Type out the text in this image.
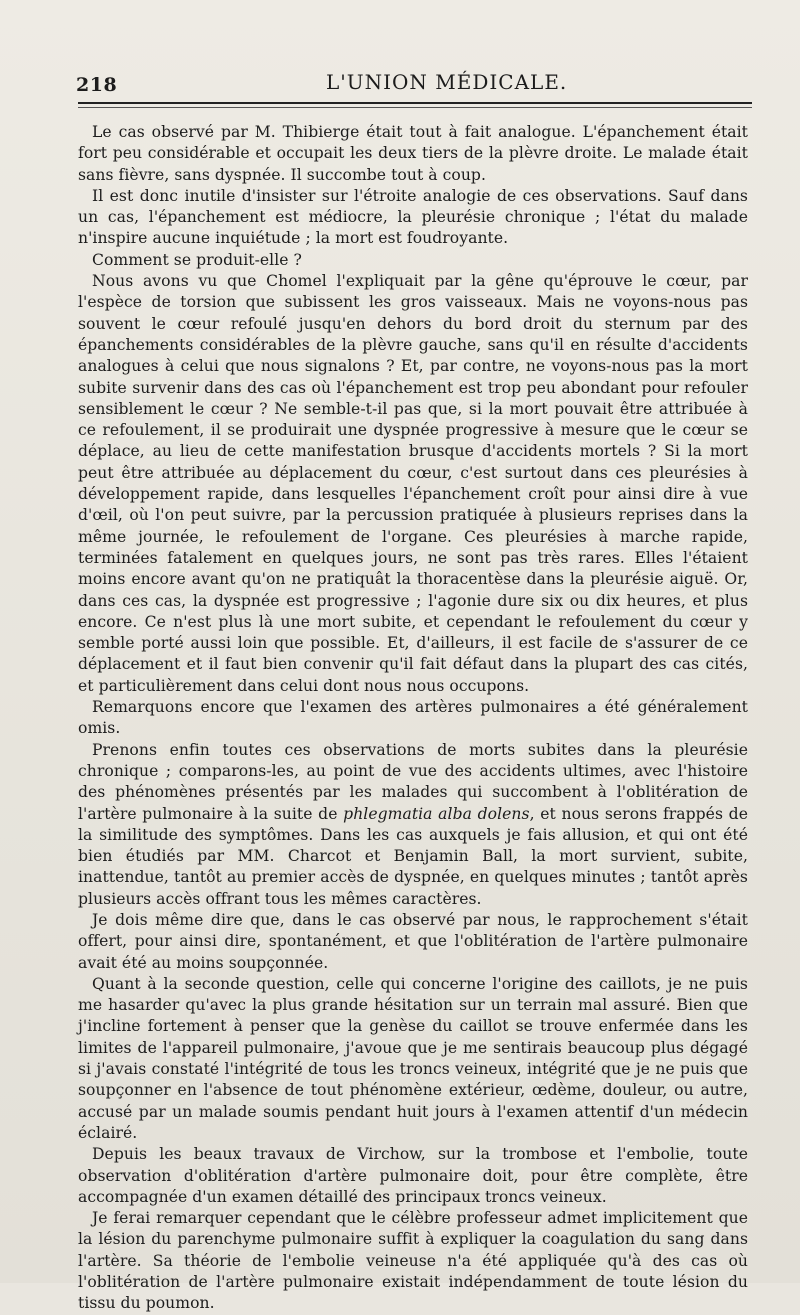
218	L'UNION MÉDICALE.

Le cas observé par M. Thibierge était tout à fait analogue. L'épanchement était fort peu considérable et occupait les deux tiers de la plèvre droite. Le malade était sans fièvre, sans dyspnée. Il succombe tout à coup.

Il est donc inutile d'insister sur l'étroite analogie de ces observations. Sauf dans un cas, l'épanchement est médiocre, la pleurésie chronique ; l'état du malade n'inspire aucune inquiétude ; la mort est foudroyante.

Comment se produit-elle ?

Nous avons vu que Chomel l'expliquait par la gêne qu'éprouve le cœur, par l'espèce de torsion que subissent les gros vaisseaux. Mais ne voyons-nous pas souvent le cœur refoulé jusqu'en dehors du bord droit du sternum par des épanchements considérables de la plèvre gauche, sans qu'il en résulte d'accidents analogues à celui que nous signalons ? Et, par contre, ne voyons-nous pas la mort subite survenir dans des cas où l'épanchement est trop peu abondant pour refouler sensiblement le cœur ? Ne semble-t-il pas que, si la mort pouvait être attribuée à ce refoulement, il se produirait une dyspnée progressive à mesure que le cœur se déplace, au lieu de cette manifestation brusque d'accidents mortels ? Si la mort peut être attribuée au déplacement du cœur, c'est surtout dans ces pleurésies à développement rapide, dans lesquelles l'épanchement croît pour ainsi dire à vue d'œil, où l'on peut suivre, par la percussion pratiquée à plusieurs reprises dans la même journée, le refoulement de l'organe. Ces pleurésies à marche rapide, terminées fatalement en quelques jours, ne sont pas très rares. Elles l'étaient moins encore avant qu'on ne pratiquât la thoracentèse dans la pleurésie aiguë. Or, dans ces cas, la dyspnée est progressive ; l'agonie dure six ou dix heures, et plus encore. Ce n'est plus là une mort subite, et cependant le refoulement du cœur y semble porté aussi loin que possible. Et, d'ailleurs, il est facile de s'assurer de ce déplacement et il faut bien convenir qu'il fait défaut dans la plupart des cas cités, et particulièrement dans celui dont nous nous occupons.

Remarquons encore que l'examen des artères pulmonaires a été généralement omis.

Prenons enfin toutes ces observations de morts subites dans la pleurésie chronique ; comparons-les, au point de vue des accidents ultimes, avec l'histoire des phénomènes présentés par les malades qui succombent à l'oblitération de l'artère pulmonaire à la suite de phlegmatia alba dolens, et nous serons frappés de la similitude des symptômes. Dans les cas auxquels je fais allusion, et qui ont été bien étudiés par MM. Charcot et Benjamin Ball, la mort survient, subite, inattendue, tantôt au premier accès de dyspnée, en quelques minutes ; tantôt après plusieurs accès offrant tous les mêmes caractères.

Je dois même dire que, dans le cas observé par nous, le rapprochement s'était offert, pour ainsi dire, spontanément, et que l'oblitération de l'artère pulmonaire avait été au moins soupçonnée.

Quant à la seconde question, celle qui concerne l'origine des caillots, je ne puis me hasarder qu'avec la plus grande hésitation sur un terrain mal assuré. Bien que j'incline fortement à penser que la genèse du caillot se trouve enfermée dans les limites de l'appareil pulmonaire, j'avoue que je me sentirais beaucoup plus dégagé si j'avais constaté l'intégrité de tous les troncs veineux, intégrité que je ne puis que soupçonner en l'absence de tout phénomène extérieur, œdème, douleur, ou autre, accusé par un malade soumis pendant huit jours à l'examen attentif d'un médecin éclairé.

Depuis les beaux travaux de Virchow, sur la trombose et l'embolie, toute observation d'oblitération d'artère pulmonaire doit, pour être complète, être accompagnée d'un examen détaillé des principaux troncs veineux.

Je ferai remarquer cependant que le célèbre professeur admet implicitement que la lésion du parenchyme pulmonaire suffit à expliquer la coagulation du sang dans l'artère. Sa théorie de l'embolie veineuse n'a été appliquée qu'à des cas où l'oblitération de l'artère pulmonaire existait indépendamment de toute lésion du tissu du poumon.
